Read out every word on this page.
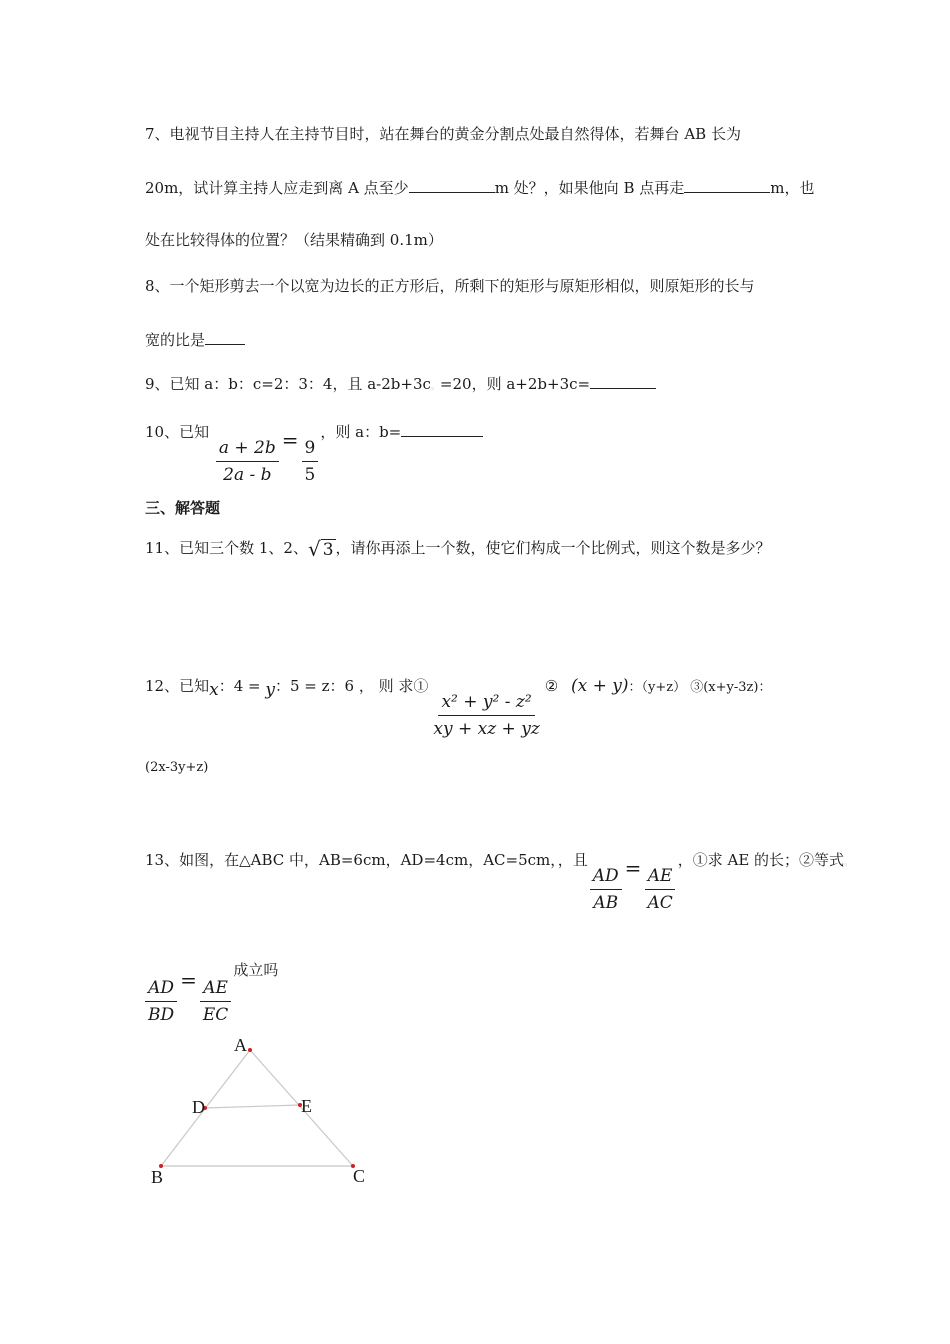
7、电视节目主持人在主持节目时，站在舞台的黄金分割点处最自然得体，若舞台 AB 长为
20m，试计算主持人应走到离 A 点至少	m 处？，如果他向 B 点再走	m，也
处在比较得体的位置？（结果精确到 0.1m）
8、一个矩形剪去一个以宽为边长的正方形后，所剩下的矩形与原矩形相似，则原矩形的长与
宽的比是
9、已知 a：b：c=2：3：4，且 a-2b+3c。=20，则 a+2b+3c=
10、已知
$\frac{a + 2b}{2a - b} = \frac{9}{5}$
，则 a：b=
三、解答题
11、已知三个数 1、2、 √ 3 ，请你再添上一个数，使它们构成一个比例式，则这个数是多少？
12、已知x：4 = y：5 = z：6 ， 则 求①
$\frac{\text{x² + y² - z²}}{xy + xz + yz}$
② (x + y)：（y+z） ③(x+y-3z)：
(2x-3y+z)
13、如图，在△ABC 中，AB=6cm，AD=4cm，AC=5cm，，且
$\frac{AD}{AB} = \frac{AE}{AC}$
，①求 AE 的长；②等式。
$\frac{AD}{BD} = \frac{AE}{EC}$
成立吗
A
B	C
D	E
